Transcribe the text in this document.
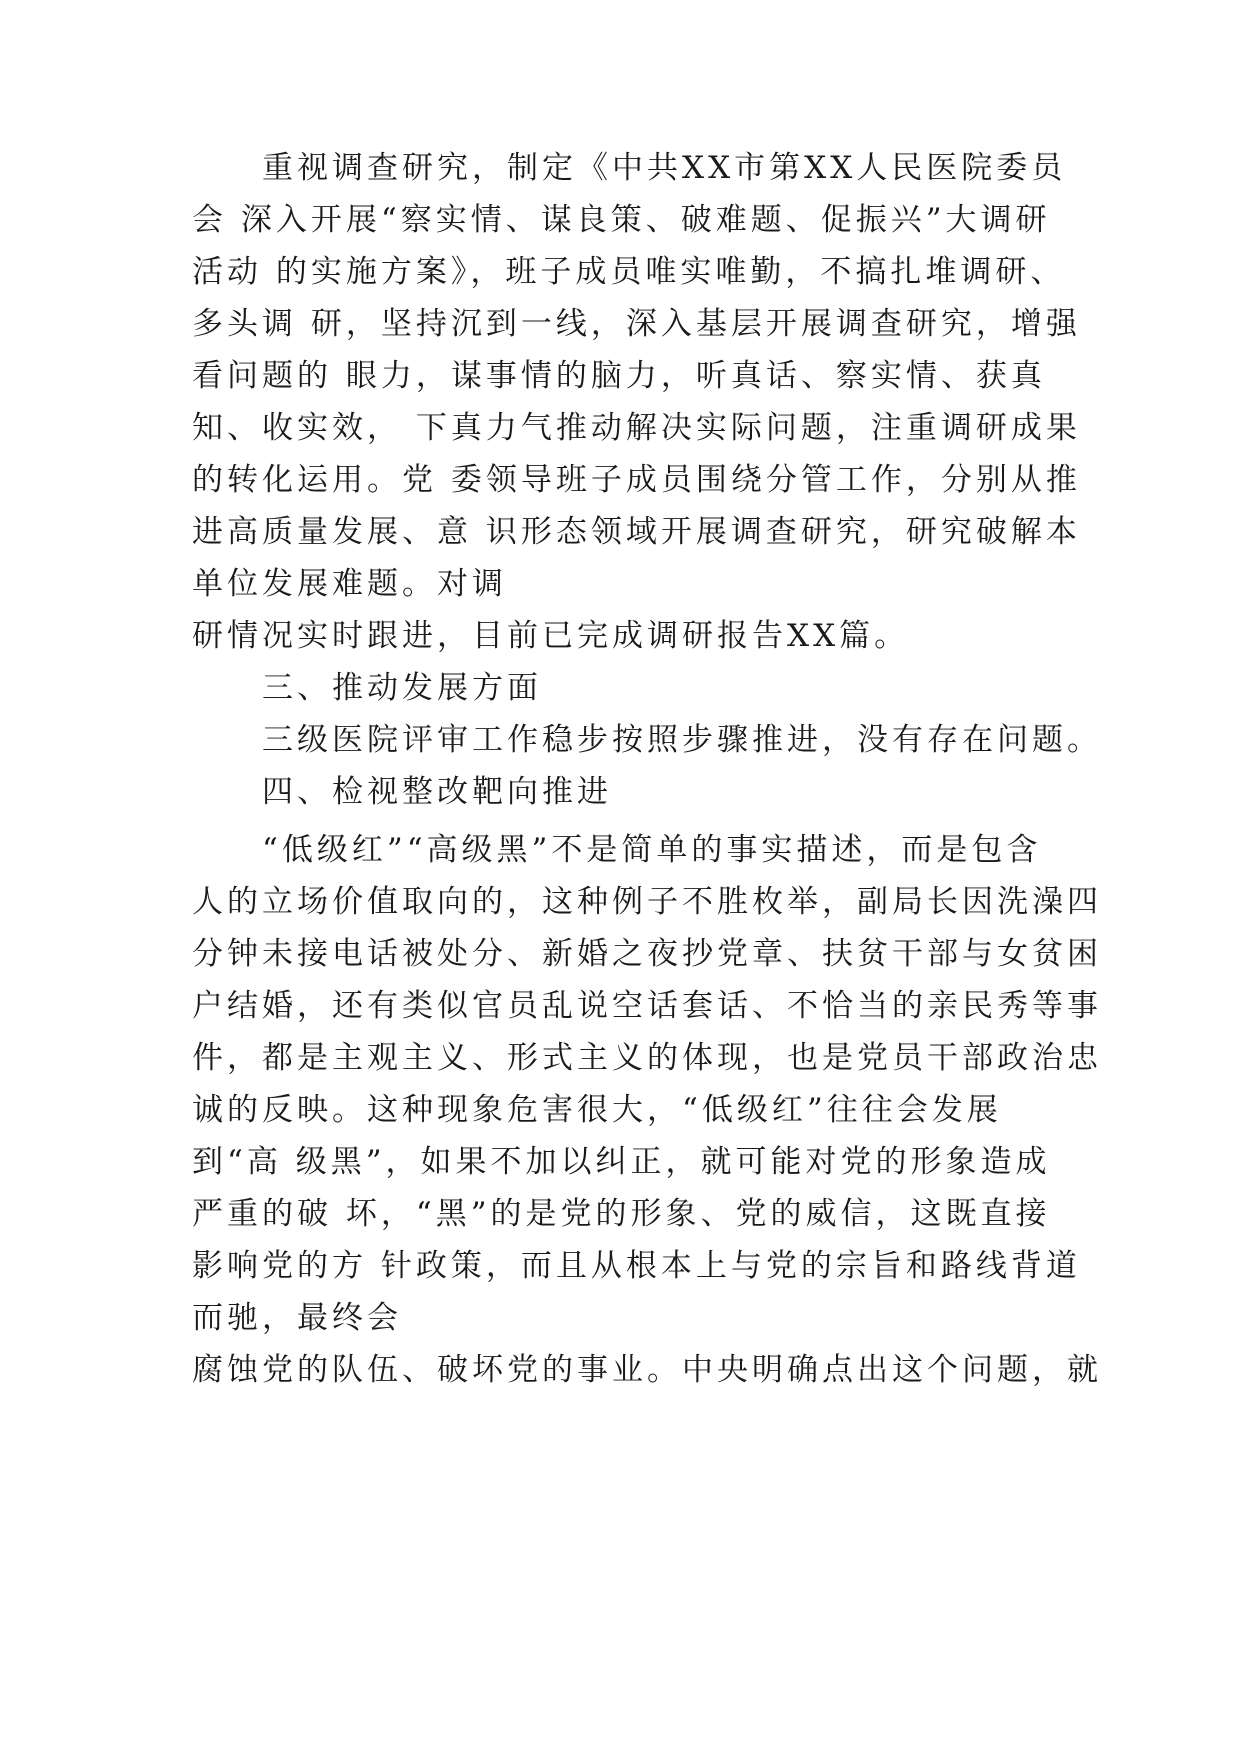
重视调查研究，制定《中共XX市第XX人民医院委员
会 深入开展“察实情、谋良策、破难题、促振兴”大调研
活动 的实施方案》，班子成员唯实唯勤，不搞扎堆调研、
多头调 研，坚持沉到一线，深入基层开展调查研究，增强
看问题的 眼力，谋事情的脑力，听真话、察实情、获真
知、收实效， 下真力气推动解决实际问题，注重调研成果
的转化运用。党 委领导班子成员围绕分管工作，分别从推
进高质量发展、意 识形态领域开展调查研究，研究破解本
单位发展难题。对调
研情况实时跟进，目前已完成调研报告XX篇。
三、推动发展方面
三级医院评审工作稳步按照步骤推进，没有存在问题。
四、检视整改靶向推进
“低级红”“高级黑”不是简单的事实描述，而是包含
人的立场价值取向的，这种例子不胜枚举，副局长因洗澡四
分钟未接电话被处分、新婚之夜抄党章、扶贫干部与女贫困
户结婚，还有类似官员乱说空话套话、不恰当的亲民秀等事
件，都是主观主义、形式主义的体现，也是党员干部政治忠
诚的反映。这种现象危害很大，“低级红”往往会发展
到“高 级黑”，如果不加以纠正，就可能对党的形象造成
严重的破 坏，“黑”的是党的形象、党的威信，这既直接
影响党的方 针政策，而且从根本上与党的宗旨和路线背道
而驰，最终会
腐蚀党的队伍、破坏党的事业。中央明确点出这个问题，就
